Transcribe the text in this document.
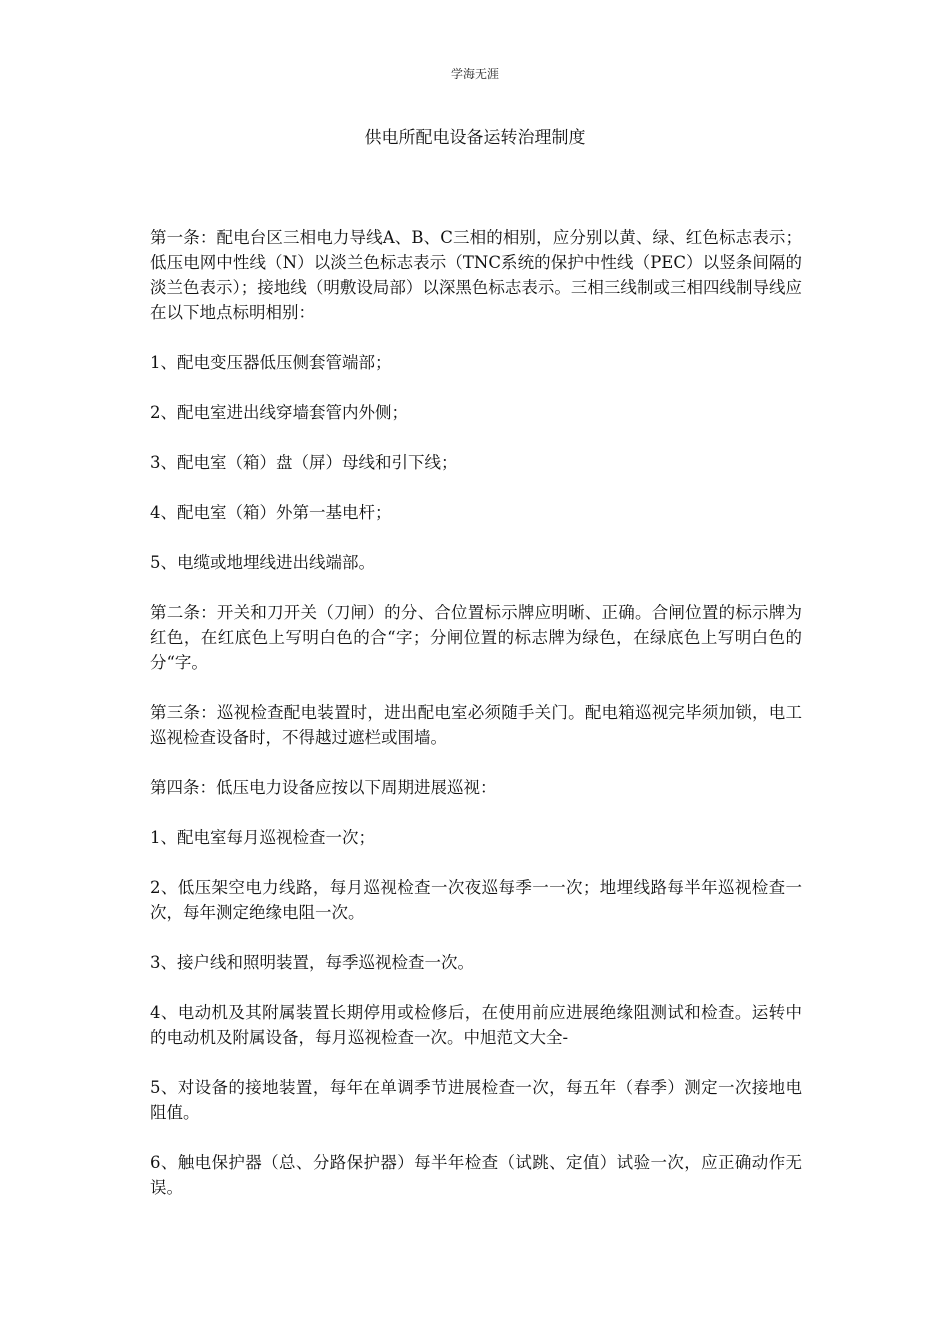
学海无涯
供电所配电设备运转治理制度

第一条：配电台区三相电力导线A、B、C三相的相别，应分别以黄、绿、红色标志表示；低压电网中性线（N）以淡兰色标志表示（TNC系统的保护中性线（PEC）以竖条间隔的淡兰色表示）；接地线（明敷设局部）以深黑色标志表示。三相三线制或三相四线制导线应在以下地点标明相别：

1、配电变压器低压侧套管端部；

2、配电室进出线穿墙套管内外侧；

3、配电室（箱）盘（屏）母线和引下线；

4、配电室（箱）外第一基电杆；

5、电缆或地埋线进出线端部。

第二条：开关和刀开关（刀闸）的分、合位置标示牌应明晰、正确。合闸位置的标示牌为红色，在红底色上写明白色的合“字；分闸位置的标志牌为绿色，在绿底色上写明白色的分“字。

第三条：巡视检查配电装置时，进出配电室必须随手关门。配电箱巡视完毕须加锁，电工巡视检查设备时，不得越过遮栏或围墙。

第四条：低压电力设备应按以下周期进展巡视：

1、配电室每月巡视检查一次；

2、低压架空电力线路，每月巡视检查一次夜巡每季一一次；地埋线路每半年巡视检查一次，每年测定绝缘电阻一次。

3、接户线和照明装置，每季巡视检查一次。

4、电动机及其附属装置长期停用或检修后，在使用前应进展绝缘阻测试和检查。运转中的电动机及附属设备，每月巡视检查一次。中旭范文大全-

5、对设备的接地装置，每年在单调季节进展检查一次，每五年（春季）测定一次接地电阻值。

6、触电保护器（总、分路保护器）每半年检查（试跳、定值）试验一次，应正确动作无误。
